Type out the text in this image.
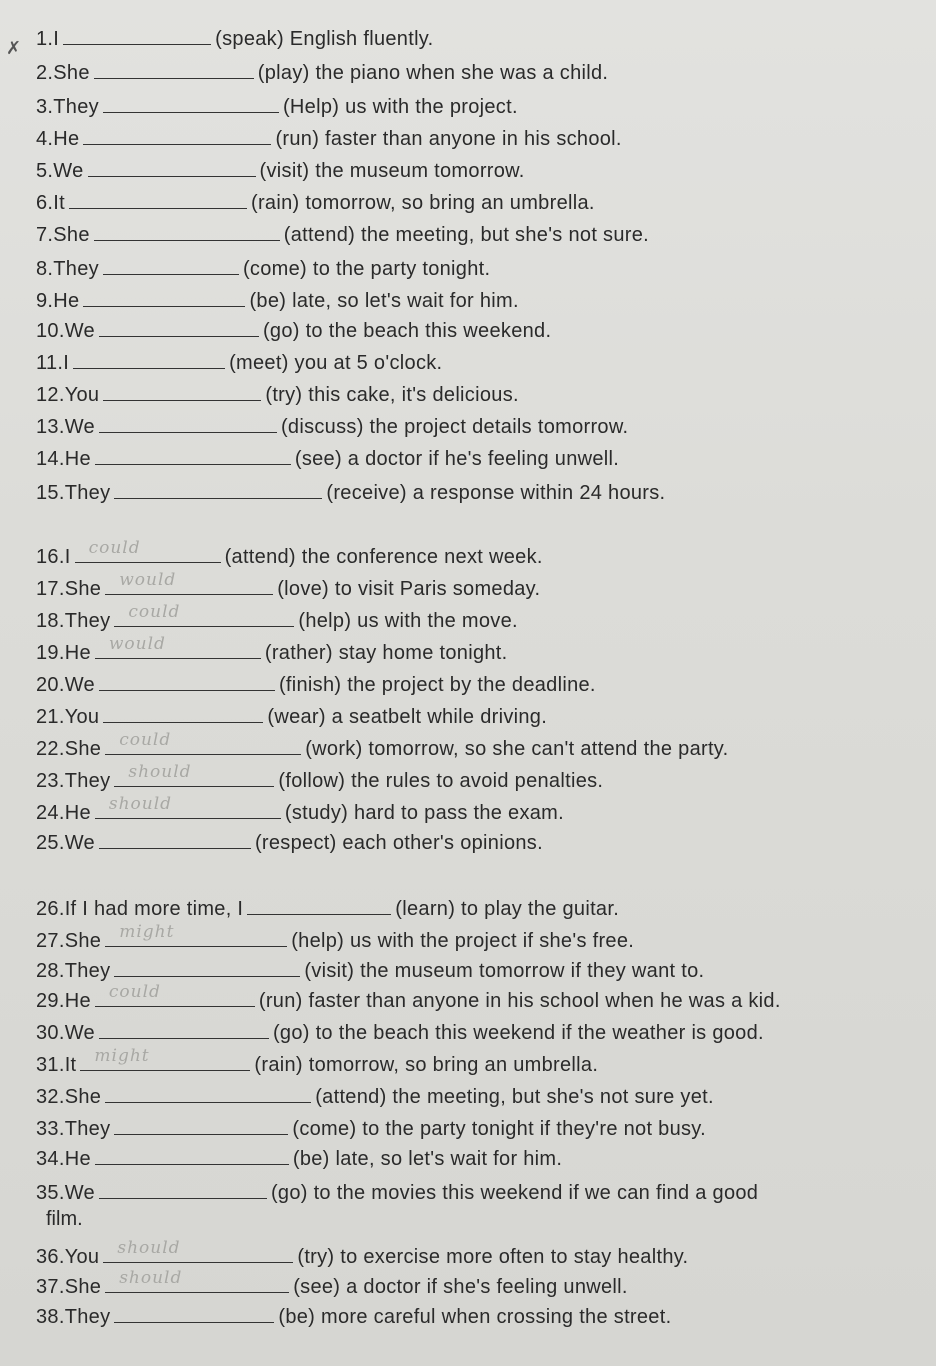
✗ 1.I	(speak) English fluently.
2.She	(play) the piano when she was a child.
3.They	(Help) us with the project.
4.He	(run) faster than anyone in his school.
5.We	(visit) the museum tomorrow.
6.It	(rain) tomorrow, so bring an umbrella.
7.She	(attend) the meeting, but she's not sure.
8.They	(come) to the party tonight.
9.He	(be) late, so let's wait for him.
10.We	(go) to the beach this weekend.
11.I	(meet) you at 5 o'clock.
12.You	(try) this cake, it's delicious.
13.We	(discuss) the project details tomorrow.
14.He	(see) a doctor if he's feeling unwell.
15.They	(receive) a response within 24 hours.
16.I could	(attend) the conference next week.
17.She would	(love) to visit Paris someday.
18.They could	(help) us with the move.
19.He would	(rather) stay home tonight.
20.We	(finish) the project by the deadline.
21.You	(wear) a seatbelt while driving.
22.She could	(work) tomorrow, so she can't attend the party.
23.They should	(follow) the rules to avoid penalties.
24.He should	(study) hard to pass the exam.
25.We	(respect) each other's opinions.
26.If I had more time, I	(learn) to play the guitar.
27.She might	(help) us with the project if she's free.
28.They	(visit) the museum tomorrow if they want to.
29.He could	(run) faster than anyone in his school when he was a kid.
30.We	(go) to the beach this weekend if the weather is good.
31.It might	(rain) tomorrow, so bring an umbrella.
32.She	(attend) the meeting, but she's not sure yet.
33.They	(come) to the party tonight if they're not busy.
34.He	(be) late, so let's wait for him.
35.We	(go) to the movies this weekend if we can find a good
36.You should	(try) to exercise more often to stay healthy.
37.She should	(see) a doctor if she's feeling unwell.
38.They	(be) more careful when crossing the street.
film.
